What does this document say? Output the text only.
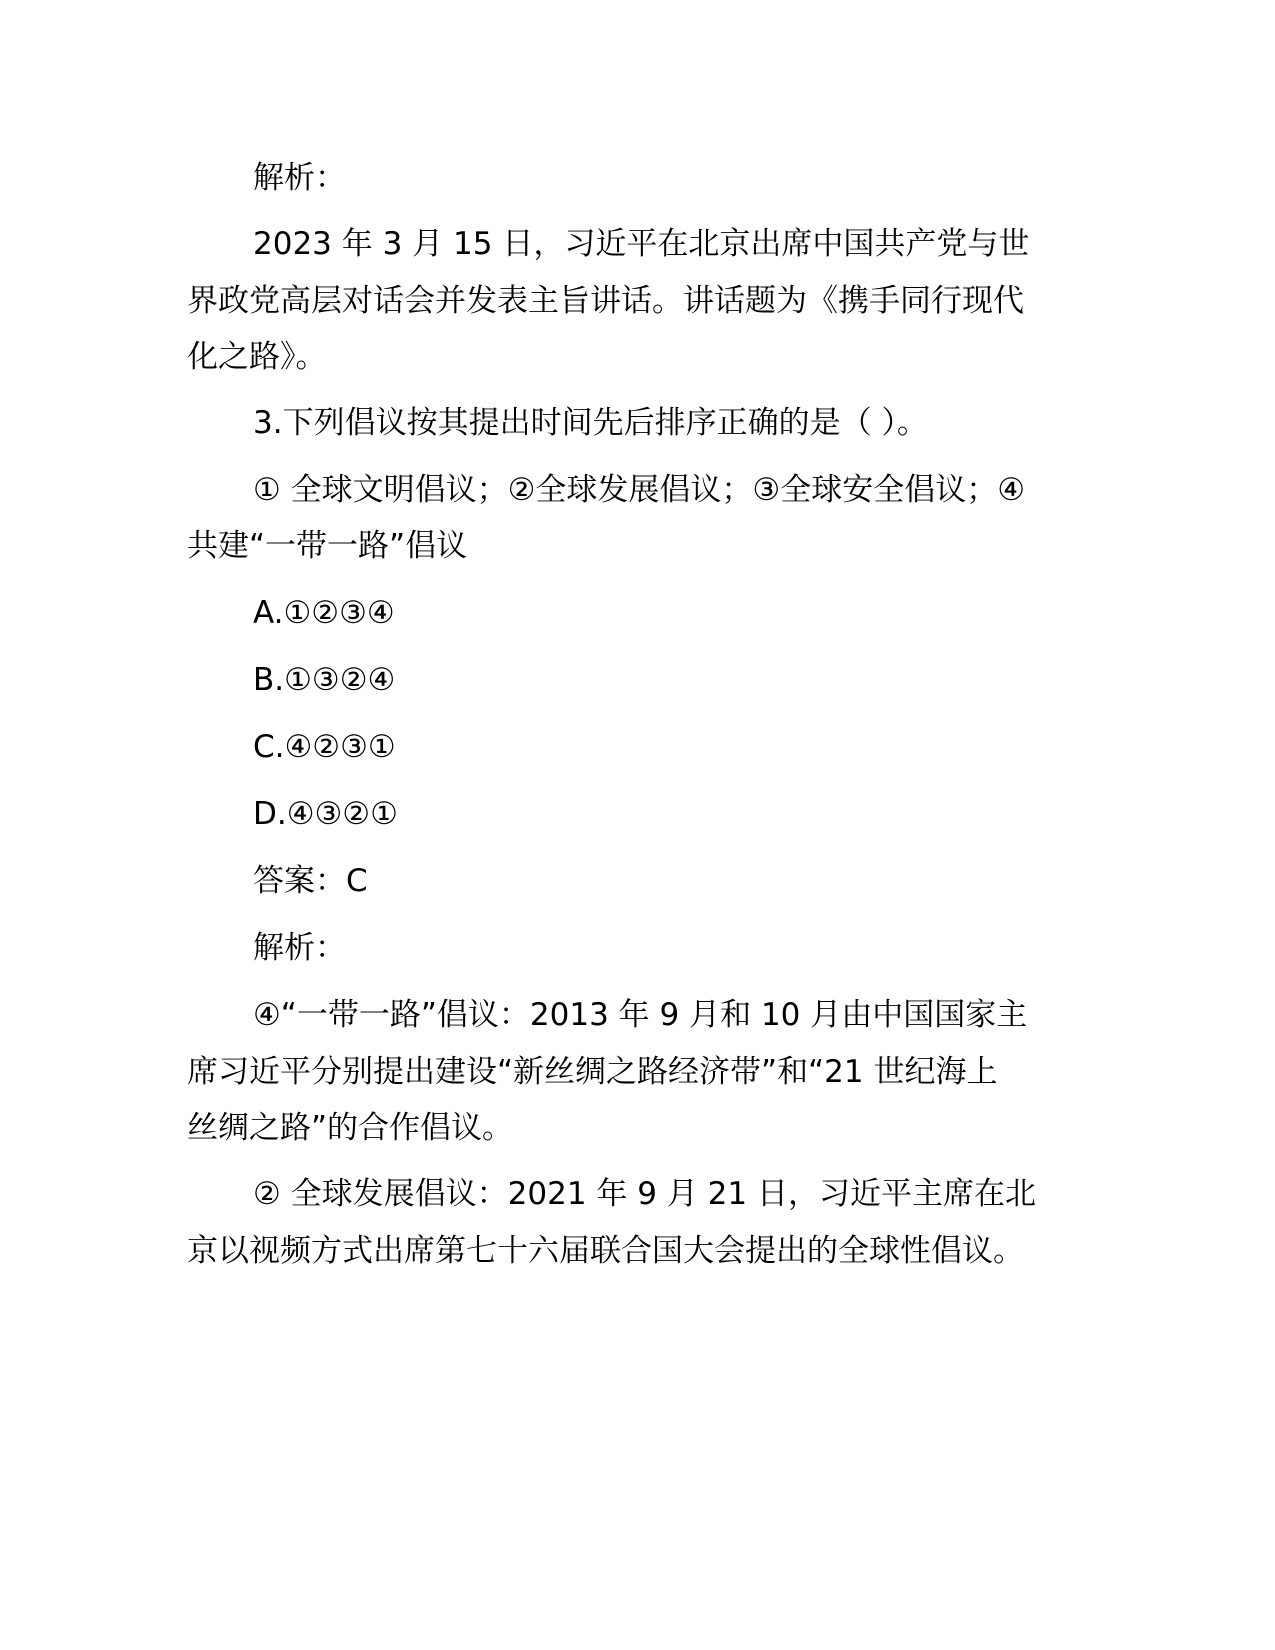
解析：

2023 年 3 月 15 日，习近平在北京出席中国共产党与世

界政党高层对话会并发表主旨讲话。讲话题为《携手同行现代

化之路》。

3.下列倡议按其提出时间先后排序正确的是（ ）。

① 全球文明倡议；②全球发展倡议；③全球安全倡议；④

共建“一带一路”倡议

A.①②③④

B.①③②④

C.④②③①

D.④③②①

答案：C

解析：

④“一带一路”倡议：2013 年 9 月和 10 月由中国国家主

席习近平分别提出建设“新丝绸之路经济带”和“21 世纪海上

丝绸之路”的合作倡议。

② 全球发展倡议：2021 年 9 月 21 日，习近平主席在北

京以视频方式出席第七十六届联合国大会提出的全球性倡议。
